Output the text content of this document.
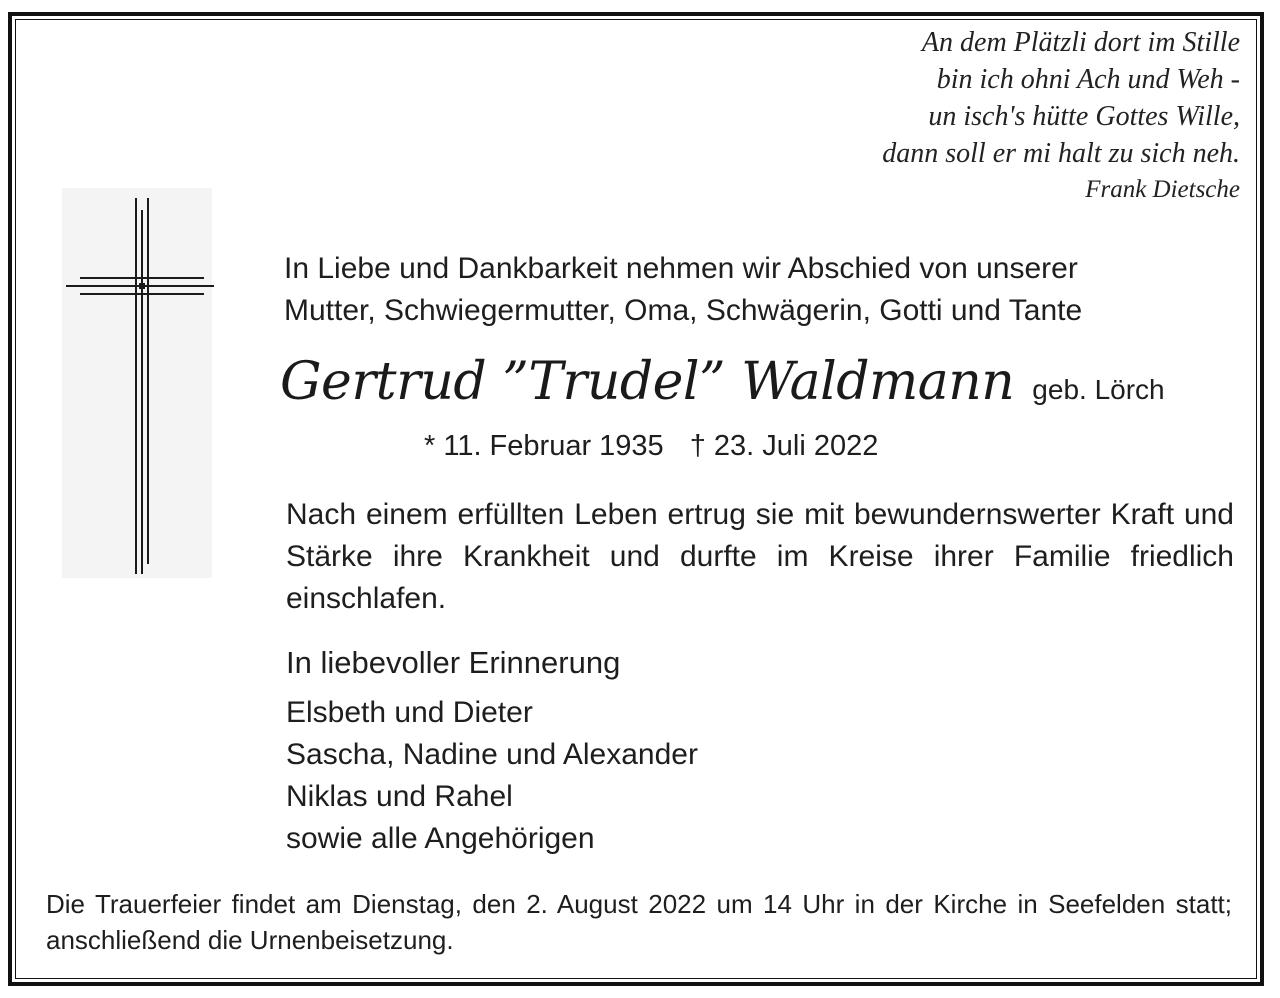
An dem Plätzli dort im Stille
bin ich ohni Ach und Weh -
un isch's hütte Gottes Wille,
dann soll er mi halt zu sich neh.
Frank Dietsche
In Liebe und Dankbarkeit nehmen wir Abschied von unserer
Mutter, Schwiegermutter, Oma, Schwägerin, Gotti und Tante
Gertrud ”Trudel” Waldmann geb. Lörch
* 11. Februar 1935 † 23. Juli 2022
Nach einem erfüllten Leben ertrug sie mit bewundernswerter Kraft und Stärke ihre Krankheit und durfte im Kreise ihrer Familie friedlich einschlafen.
In liebevoller Erinnerung
Elsbeth und Dieter
Sascha, Nadine und Alexander
Niklas und Rahel
sowie alle Angehörigen
Die Trauerfeier findet am Dienstag, den 2. August 2022 um 14 Uhr in der Kirche in Seefelden statt; anschließend die Urnenbeisetzung.
